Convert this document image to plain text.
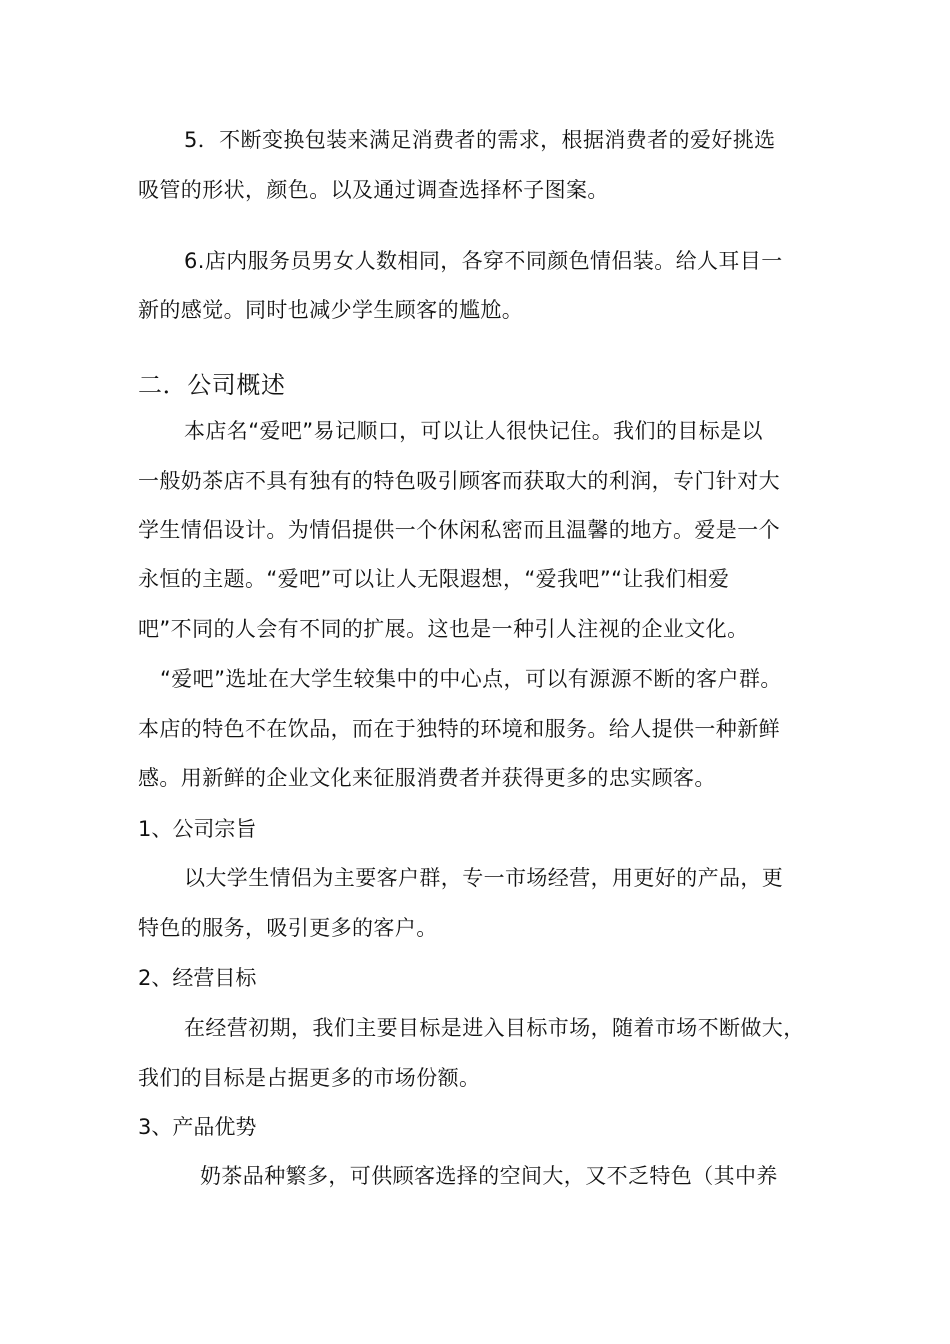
5．不断变换包装来满足消费者的需求，根据消费者的爱好挑选
吸管的形状，颜色。以及通过调查选择杯子图案。
6.店内服务员男女人数相同，各穿不同颜色情侣装。给人耳目一
新的感觉。同时也减少学生顾客的尴尬。
二．公司概述
本店名“爱吧”易记顺口，可以让人很快记住。我们的目标是以
一般奶茶店不具有独有的特色吸引顾客而获取大的利润，专门针对大
学生情侣设计。为情侣提供一个休闲私密而且温馨的地方。爱是一个
永恒的主题。“爱吧”可以让人无限遐想，“爱我吧”“让我们相爱
吧”不同的人会有不同的扩展。这也是一种引人注视的企业文化。
“爱吧”选址在大学生较集中的中心点，可以有源源不断的客户群。
本店的特色不在饮品，而在于独特的环境和服务。给人提供一种新鲜
感。用新鲜的企业文化来征服消费者并获得更多的忠实顾客。
1、公司宗旨
以大学生情侣为主要客户群，专一市场经营，用更好的产品，更
特色的服务，吸引更多的客户。
2、经营目标
在经营初期，我们主要目标是进入目标市场，随着市场不断做大，
我们的目标是占据更多的市场份额。
3、产品优势
奶茶品种繁多，可供顾客选择的空间大，又不乏特色（其中养
